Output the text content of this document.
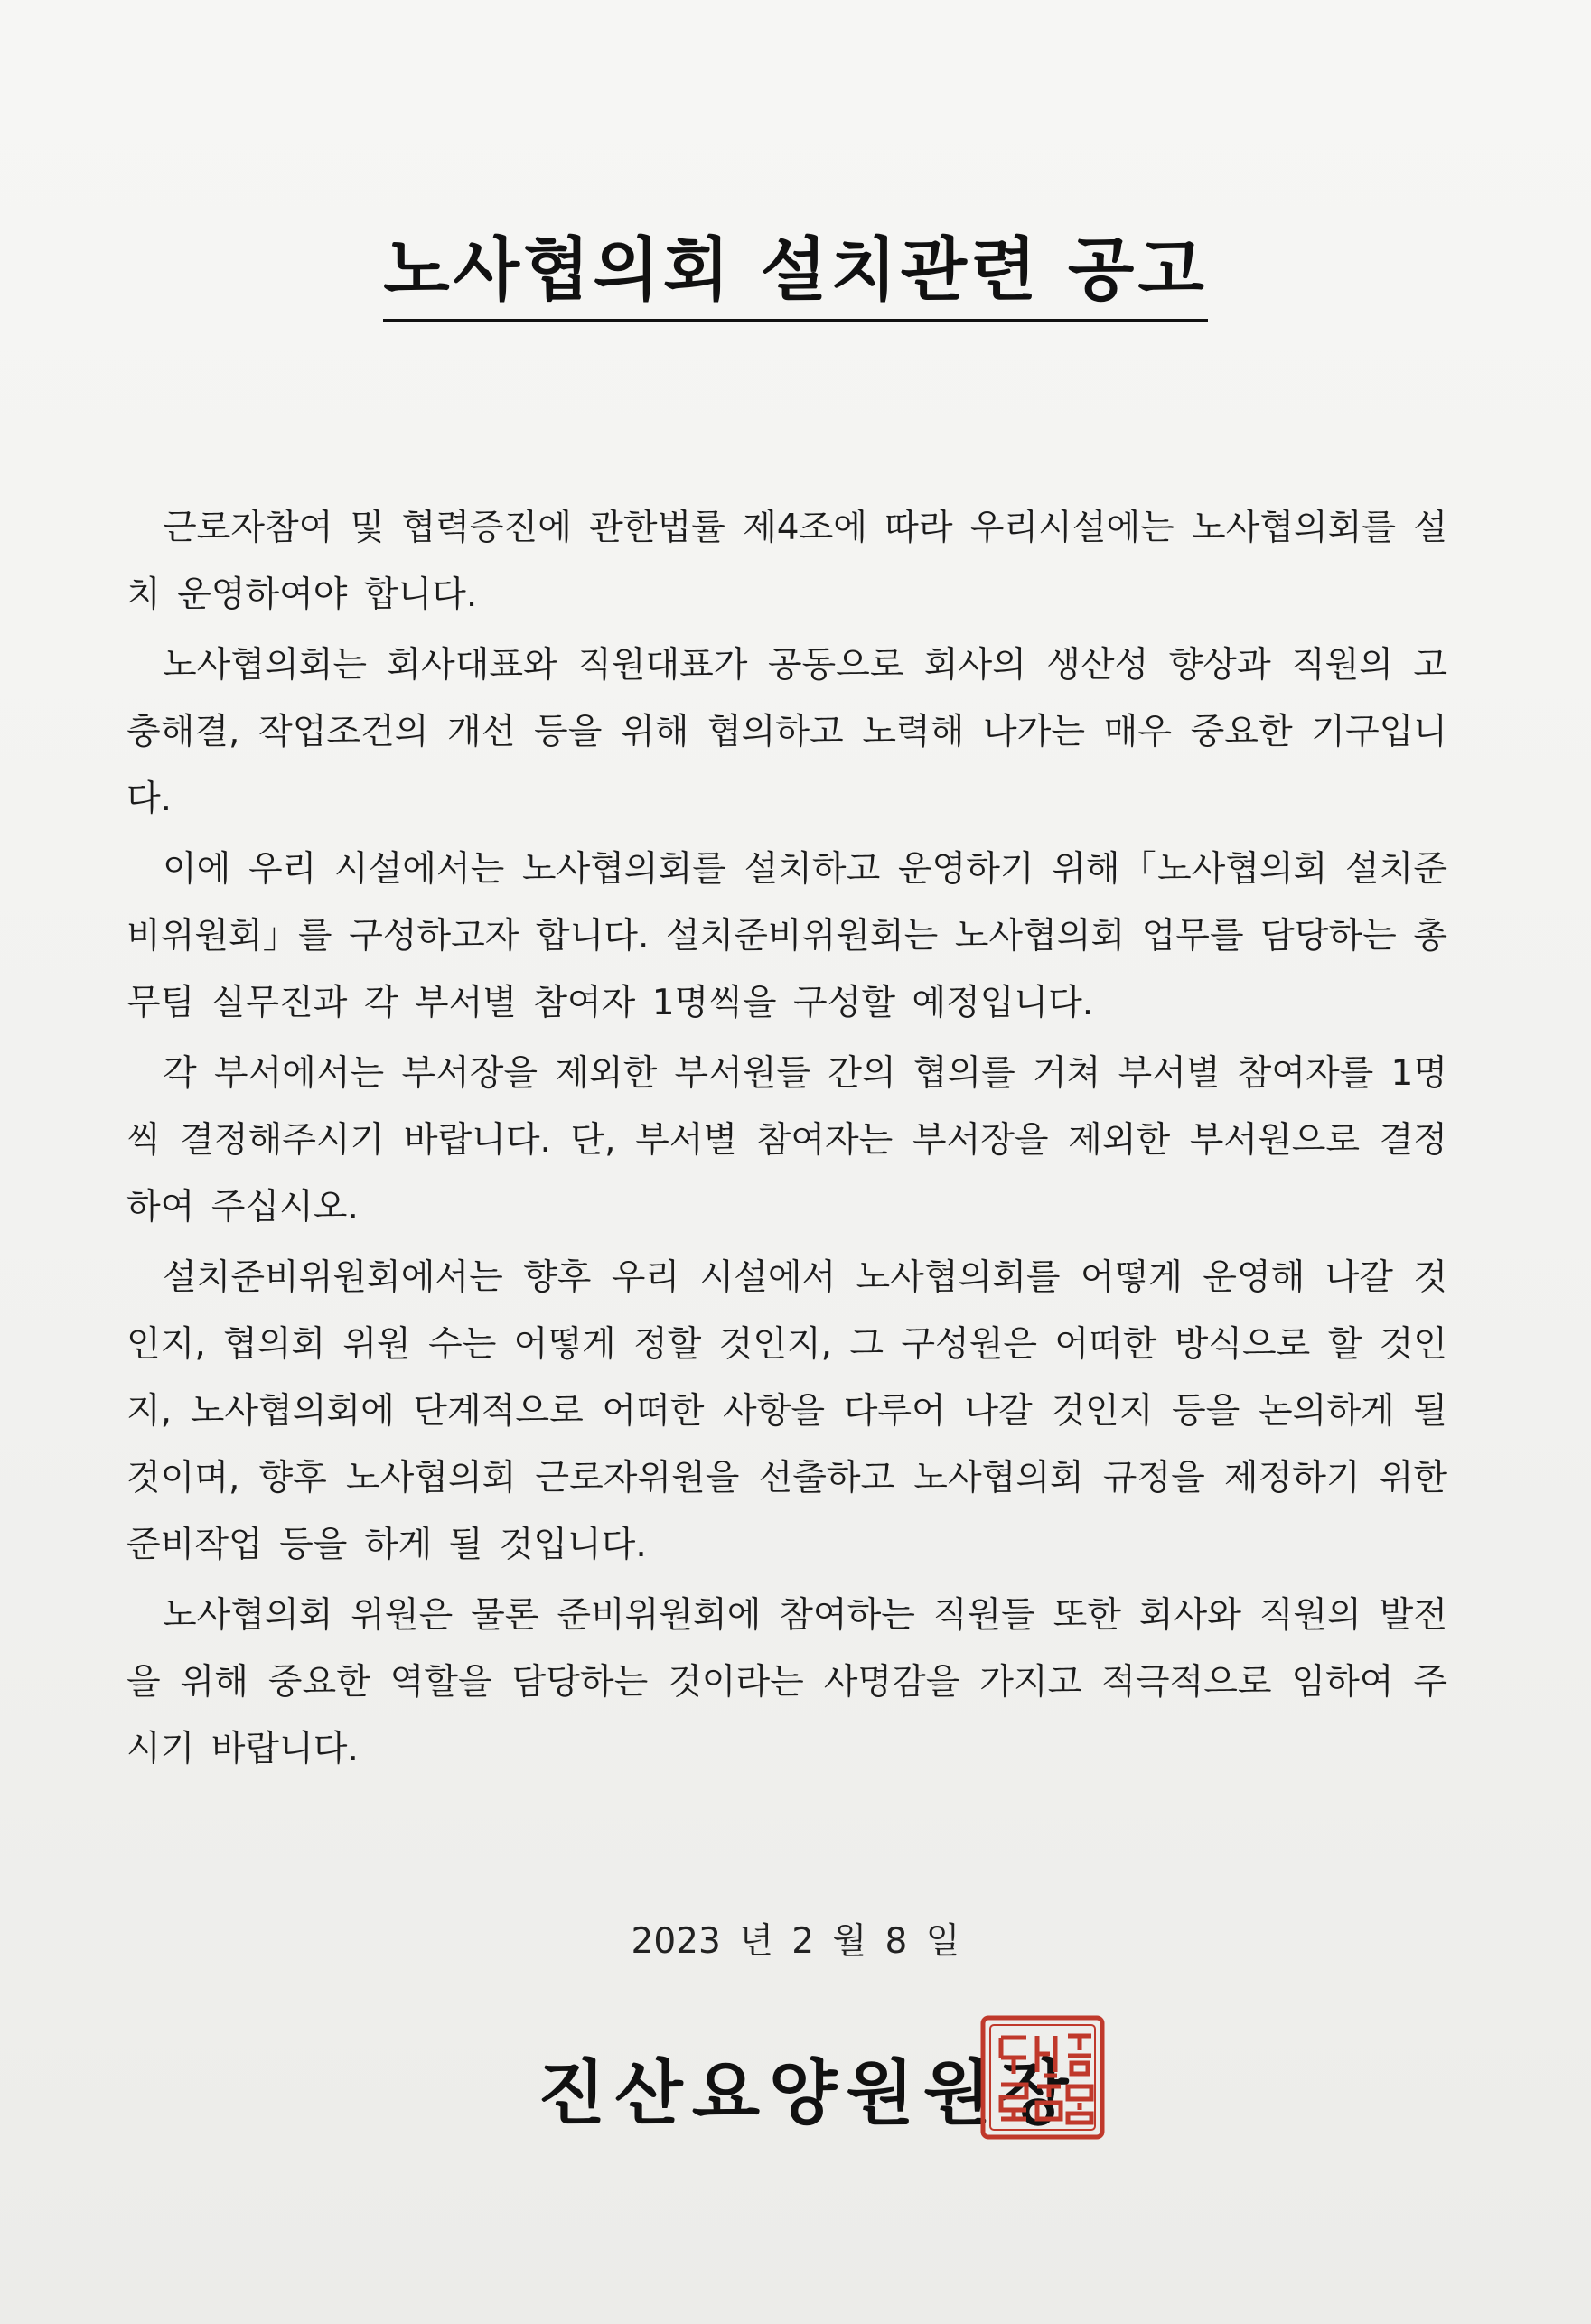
노사협의회 설치관련 공고

근로자참여 및 협력증진에 관한법률 제4조에 따라 우리시설에는 노사협의회를 설치 운영하여야 합니다.

노사협의회는 회사대표와 직원대표가 공동으로 회사의 생산성 향상과 직원의 고충해결, 작업조건의 개선 등을 위해 협의하고 노력해 나가는 매우 중요한 기구입니다.

이에 우리 시설에서는 노사협의회를 설치하고 운영하기 위해「노사협의회 설치준비위원회」를 구성하고자 합니다. 설치준비위원회는 노사협의회 업무를 담당하는 총무팀 실무진과 각 부서별 참여자 1명씩을 구성할 예정입니다.

각 부서에서는 부서장을 제외한 부서원들 간의 협의를 거쳐 부서별 참여자를 1명씩 결정해주시기 바랍니다. 단, 부서별 참여자는 부서장을 제외한 부서원으로 결정하여 주십시오.

설치준비위원회에서는 향후 우리 시설에서 노사협의회를 어떻게 운영해 나갈 것인지, 협의회 위원 수는 어떻게 정할 것인지, 그 구성원은 어떠한 방식으로 할 것인지, 노사협의회에 단계적으로 어떠한 사항을 다루어 나갈 것인지 등을 논의하게 될 것이며, 향후 노사협의회 근로자위원을 선출하고 노사협의회 규정을 제정하기 위한 준비작업 등을 하게 될 것입니다.

노사협의회 위원은 물론 준비위원회에 참여하는 직원들 또한 회사와 직원의 발전을 위해 중요한 역할을 담당하는 것이라는 사명감을 가지고 적극적으로 임하여 주시기 바랍니다.

2023 년 2 월 8 일
진산요양원원장
